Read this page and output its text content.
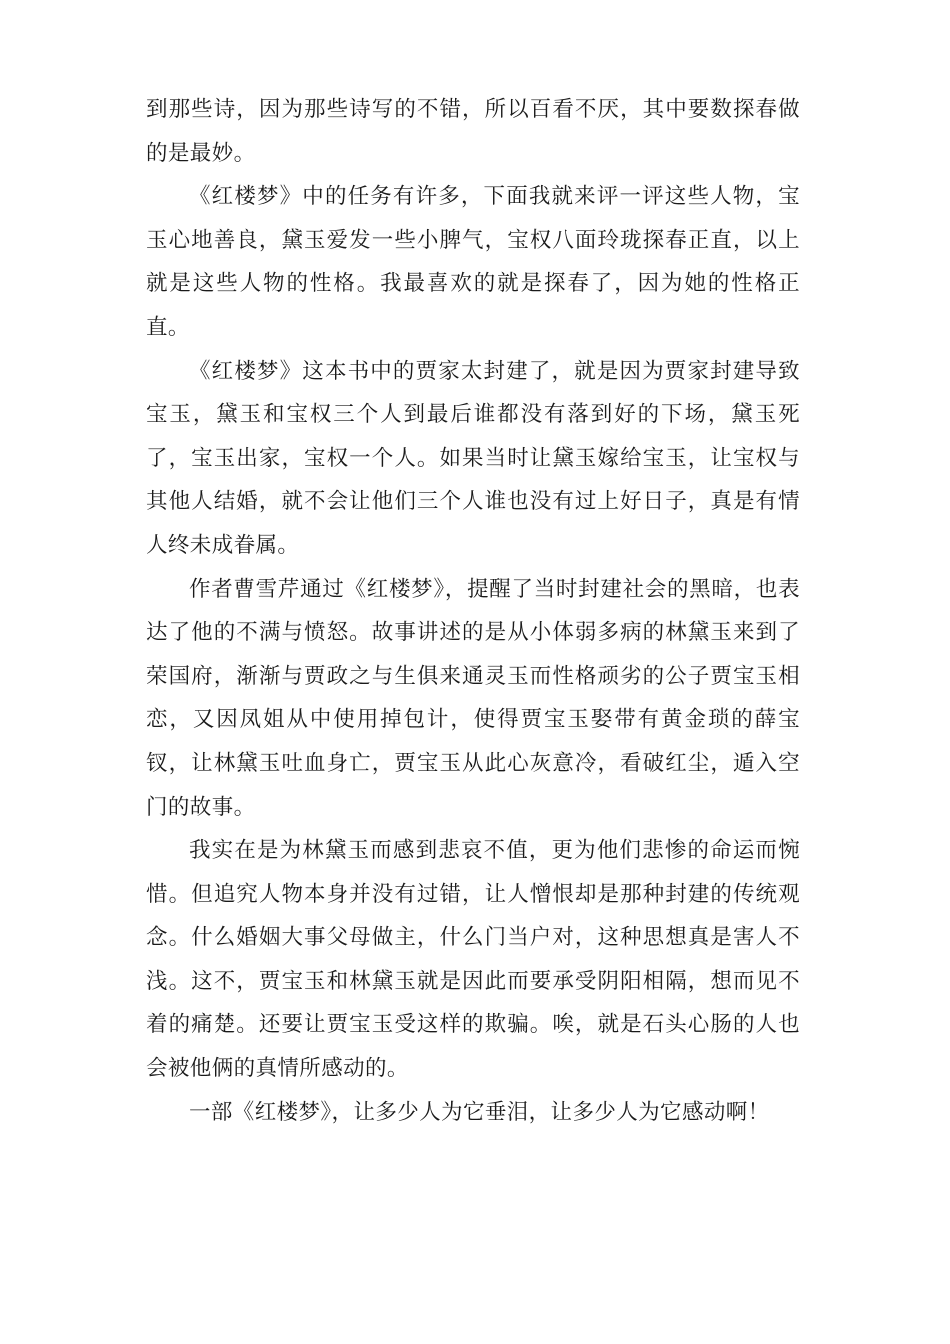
到那些诗，因为那些诗写的不错，所以百看不厌，其中要数探春做的是最妙。

《红楼梦》中的任务有许多，下面我就来评一评这些人物，宝玉心地善良，黛玉爱发一些小脾气，宝权八面玲珑探春正直，以上就是这些人物的性格。我最喜欢的就是探春了，因为她的性格正直。

《红楼梦》这本书中的贾家太封建了，就是因为贾家封建导致宝玉，黛玉和宝权三个人到最后谁都没有落到好的下场，黛玉死了，宝玉出家，宝权一个人。如果当时让黛玉嫁给宝玉，让宝权与其他人结婚，就不会让他们三个人谁也没有过上好日子，真是有情人终未成眷属。

作者曹雪芹通过《红楼梦》，提醒了当时封建社会的黑暗，也表达了他的不满与愤怒。故事讲述的是从小体弱多病的林黛玉来到了荣国府，渐渐与贾政之与生俱来通灵玉而性格顽劣的公子贾宝玉相恋，又因凤姐从中使用掉包计，使得贾宝玉娶带有黄金琐的薛宝钗，让林黛玉吐血身亡，贾宝玉从此心灰意冷，看破红尘，遁入空门的故事。

我实在是为林黛玉而感到悲哀不值，更为他们悲惨的命运而惋惜。但追究人物本身并没有过错，让人憎恨却是那种封建的传统观念。什么婚姻大事父母做主，什么门当户对，这种思想真是害人不浅。这不，贾宝玉和林黛玉就是因此而要承受阴阳相隔，想而见不着的痛楚。还要让贾宝玉受这样的欺骗。唉，就是石头心肠的人也会被他俩的真情所感动的。

一部《红楼梦》，让多少人为它垂泪，让多少人为它感动啊！
